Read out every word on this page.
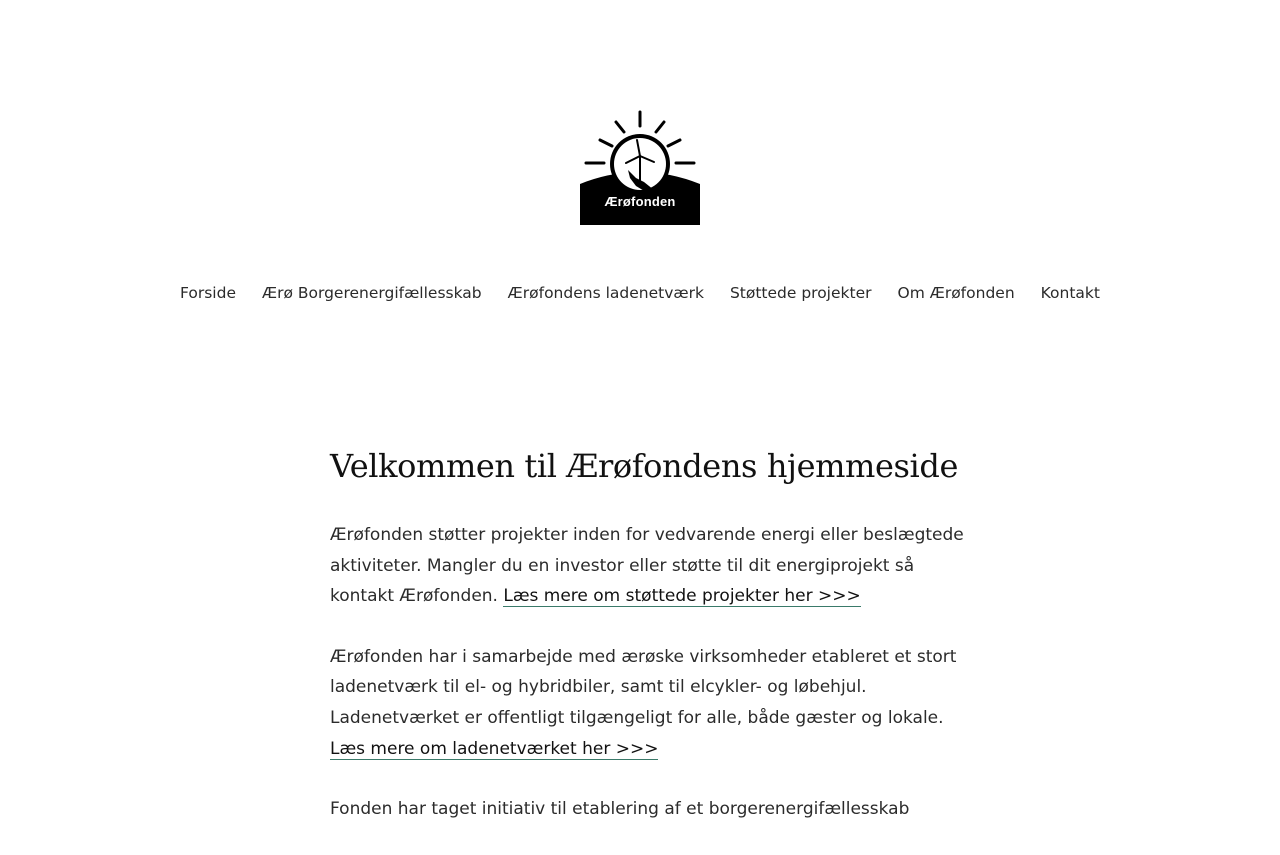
Ærøfonden
Forside Ærø Borgerenergifællesskab Ærøfondens ladenetværk Støttede projekter Om Ærøfonden Kontakt
Velkommen til Ærøfondens hjemmeside

Ærøfonden støtter projekter inden for vedvarende energi eller beslægtede aktiviteter. Mangler du en investor eller støtte til dit energiprojekt så kontakt Ærøfonden. Læs mere om støttede projekter her >>>

Ærøfonden har i samarbejde med ærøske virksomheder etableret et stort ladenetværk til el- og hybridbiler, samt til elcykler- og løbehjul. Ladenetværket er offentligt tilgængeligt for alle, både gæster og lokale. Læs mere om ladenetværket her >>>

Fonden har taget initiativ til etablering af et borgerenergifællesskab
